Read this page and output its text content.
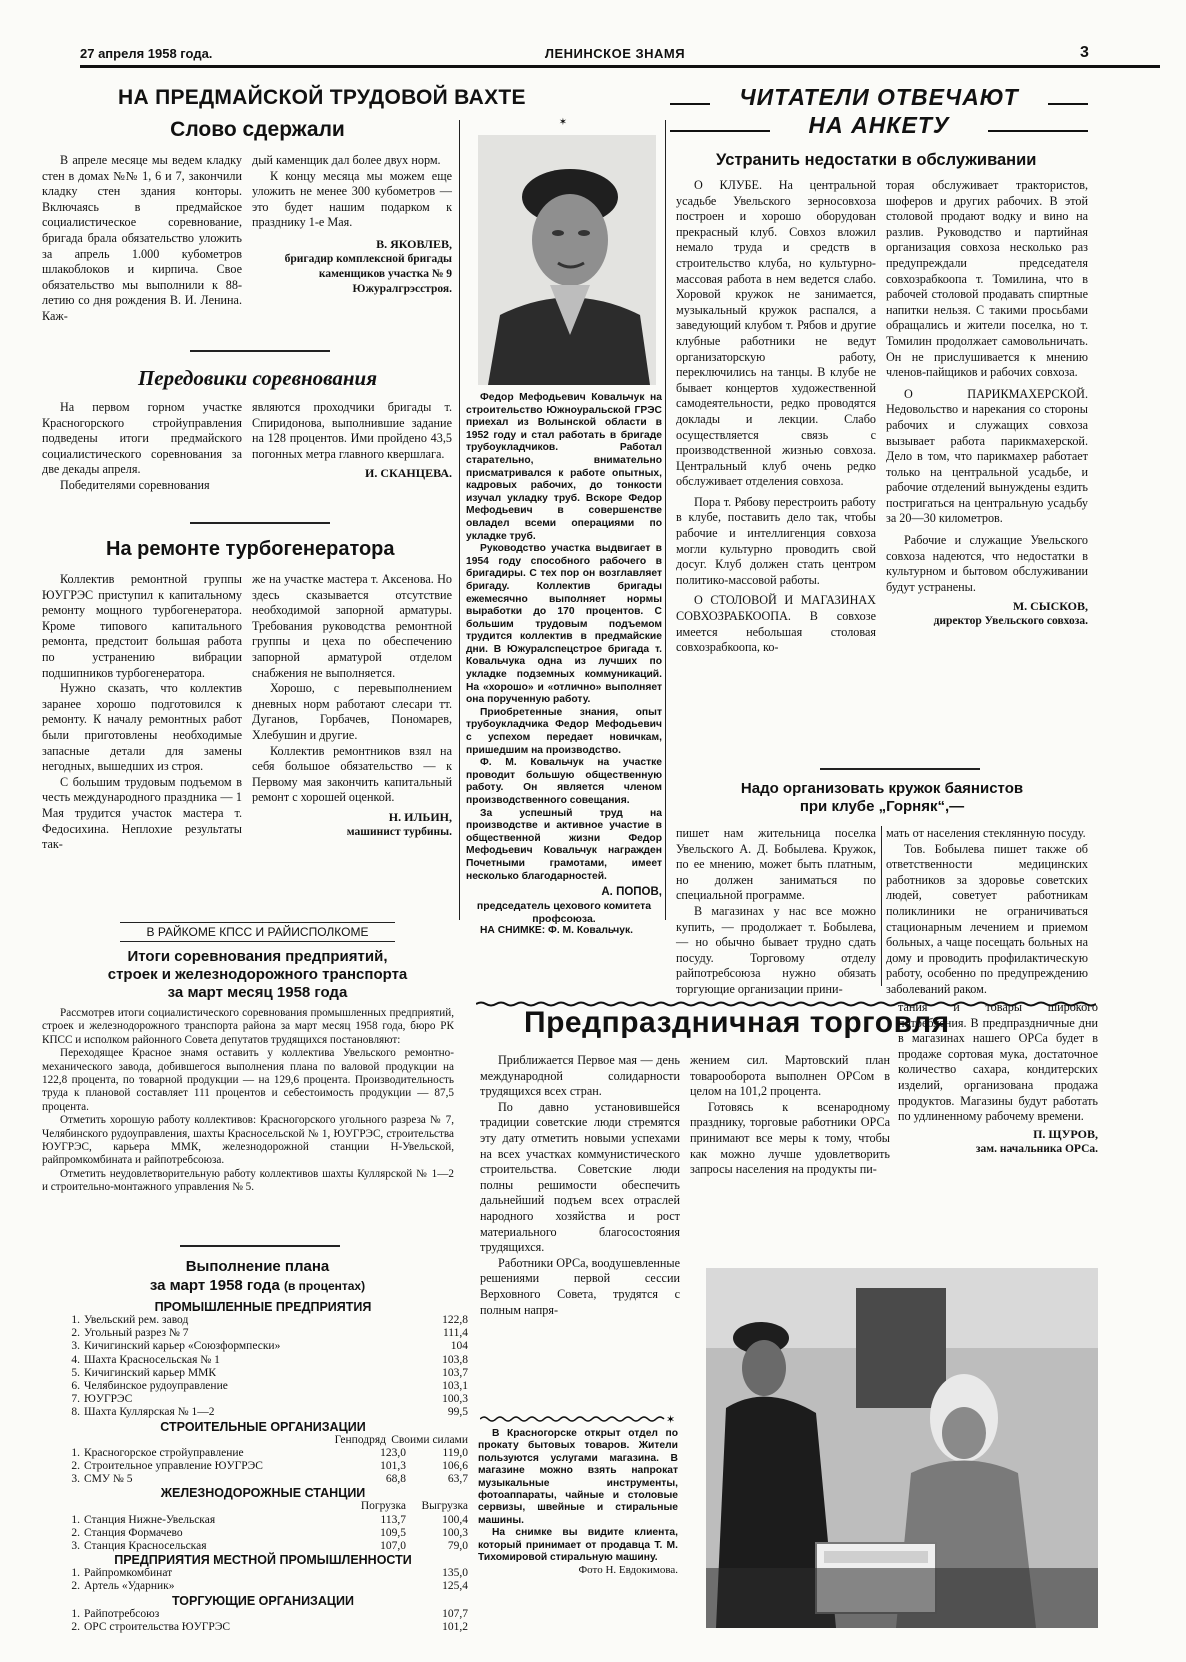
27 апреля 1958 года.	ЛЕНИНСКОЕ ЗНАМЯ	3
НА ПРЕДМАЙСКОЙ ТРУДОВОЙ ВАХТЕ
Слово сдержали

В апреле месяце мы ведем кладку стен в домах №№ 1, 6 и 7, закончили кладку стен здания конторы. Включаясь в предмайское социалистическое соревнование, бригада брала обязательство уложить за апрель 1.000 кубометров шлакоблоков и кирпича. Свое обязательство мы выполнили к 88-летию со дня рождения В. И. Ленина. Каж-

дый каменщик дал более двух норм.

К концу месяца мы можем еще уложить не менее 300 кубометров — это будет нашим подарком к празднику 1-е Мая.

В. ЯКОВЛЕВ,
бригадир комплексной бригады каменщиков участка № 9 Южуралгрэсстроя.
Передовики соревнования

На первом горном участке Красногорского стройуправления подведены итоги предмайского социалистического соревнования за две декады апреля.

Победителями соревнования

являются проходчики бригады т. Спиридонова, выполнившие задание на 128 процентов. Ими пройдено 43,5 погонных метра главного квершлага.

И. СКАНЦЕВА.
На ремонте турбогенератора

Коллектив ремонтной группы ЮУГРЭС приступил к капитальному ремонту мощного турбогенератора. Кроме типового капитального ремонта, предстоит большая работа по устранению вибрации подшипников турбогенератора.

Нужно сказать, что коллектив заранее хорошо подготовился к ремонту. К началу ремонтных работ были приготовлены необходимые запасные детали для замены негодных, вышедших из строя.

С большим трудовым подъемом в честь международного праздника — 1 Мая трудится участок мастера т. Федосихина. Неплохие результаты так-

же на участке мастера т. Аксенова. Но здесь сказывается отсутствие необходимой запорной арматуры. Требования руководства ремонтной группы и цеха по обеспечению запорной арматурой отделом снабжения не выполняется.

Хорошо, с перевыполнением дневных норм работают слесари тт. Дуганов, Горбачев, Пономарев, Хлебушин и другие.

Коллектив ремонтников взял на себя большое обязательство — к Первому мая закончить капитальный ремонт с хорошей оценкой.

Н. ИЛЬИН,
машинист турбины.
В РАЙКОМЕ КПСС И РАЙИСПОЛКОМЕ
Итоги соревнования предприятий,
строек и железнодорожного транспорта
за март месяц 1958 года

Рассмотрев итоги социалистического соревнования промышленных предприятий, строек и железнодорожного транспорта района за март месяц 1958 года, бюро РК КПСС и исполком районного Совета депутатов трудящихся постановляют:

Переходящее Красное знамя оставить у коллектива Увельского ремонтно-механического завода, добившегося выполнения плана по валовой продукции на 122,8 процента, по товарной продукции — на 129,6 процента. Производительность труда к плановой составляет 111 процентов и себестоимость продукции — 87,5 процента.

Отметить хорошую работу коллективов: Красногорского угольного разреза № 7, Челябинского рудоуправления, шахты Красносельской № 1, ЮУГРЭС, строительства ЮУГРЭС, карьера ММК, железнодорожной станции Н-Увельской, райпромкомбината и райпотребсоюза.

Отметить неудовлетворительную работу коллективов шахты Куллярской № 1—2 и строительно-монтажного управления № 5.

Выполнение плана
за март 1958 года (в процентах)
ПРОМЫШЛЕННЫЕ ПРЕДПРИЯТИЯ
1. Увельский рем. завод	122,8
2. Угольный разрез № 7	111,4
3. Кичигинский карьер «Союзформпески»	104
4. Шахта Красносельская № 1	103,8
5. Кичигинский карьер ММК	103,7
6. Челябинское рудоуправление	103,1
7. ЮУГРЭС	100,3
8. Шахта Куллярская № 1—2	99,5
СТРОИТЕЛЬНЫЕ ОРГАНИЗАЦИИ
Генподряд Своими силами
1. Красногорское стройуправление	123,0	119,0
2. Строительное управление ЮУГРЭС	101,3	106,6
3. СМУ № 5	68,8	63,7
ЖЕЛЕЗНОДОРОЖНЫЕ СТАНЦИИ
Погрузка	Выгрузка
1. Станция Нижне-Увельская	113,7	100,4
2. Станция Формачево	109,5	100,3
3. Станция Красносельская	107,0	79,0
ПРЕДПРИЯТИЯ МЕСТНОЙ ПРОМЫШЛЕННОСТИ
1. Райпромкомбинат	135,0
2. Артель «Ударник»	125,4
ТОРГУЮЩИЕ ОРГАНИЗАЦИИ
1. Райпотребсоюз	107,7
2. ОРС строительства ЮУГРЭС	101,2
✶

Федор Мефодьевич Ковальчук на строительство Южноуральской ГРЭС приехал из Волынской области в 1952 году и стал работать в бригаде трубоукладчиков. Работал старательно, внимательно присматривался к работе опытных, кадровых рабочих, до тонкости изучал укладку труб. Вскоре Федор Мефодьевич в совершенстве овладел всеми операциями по укладке труб.

Руководство участка выдвигает в 1954 году способного рабочего в бригадиры. С тех пор он возглавляет бригаду. Коллектив бригады ежемесячно выполняет нормы выработки до 170 процентов. С большим трудовым подъемом трудится коллектив в предмайские дни. В Южуралспецстрое бригада т. Ковальчука одна из лучших по укладке подземных коммуникаций. На «хорошо» и «отлично» выполняет она порученную работу.

Приобретенные знания, опыт трубоукладчика Федор Мефодьевич с успехом передает новичкам, пришедшим на производство.

Ф. М. Ковальчук на участке проводит большую общественную работу. Он является членом производственного совещания.

За успешный труд на производстве и активное участие в общественной жизни Федор Мефодьевич Ковальчук награжден Почетными грамотами, имеет несколько благодарностей.

А. ПОПОВ,
председатель цехового комитета профсоюза.
НА СНИМКЕ: Ф. М. Ковальчук.
ЧИТАТЕЛИ ОТВЕЧАЮТ
НА АНКЕТУ
Устранить недостатки в обслуживании

О КЛУБЕ. На центральной усадьбе Увельского зерносовхоза построен и хорошо оборудован прекрасный клуб. Совхоз вложил немало труда и средств в строительство клуба, но культурно-массовая работа в нем ведется слабо. Хоровой кружок не занимается, музыкальный кружок распался, а заведующий клубом т. Рябов и другие клубные работники не ведут организаторскую работу, переключились на танцы. В клубе не бывает концертов художественной самодеятельности, редко проводятся доклады и лекции. Слабо осуществляется связь с производственной жизнью совхоза. Центральный клуб очень редко обслуживает отделения совхоза.

Пора т. Рябову перестроить работу в клубе, поставить дело так, чтобы рабочие и интеллигенция совхоза могли культурно проводить свой досуг. Клуб должен стать центром политико-массовой работы.

О СТОЛОВОЙ И МАГАЗИНАХ СОВХОЗРАБКООПА. В совхозе имеется небольшая столовая совхозрабкоопа, ко-

торая обслуживает трактористов, шоферов и других рабочих. В этой столовой продают водку и вино на разлив. Руководство и партийная организация совхоза несколько раз предупреждали председателя совхозрабкоопа т. Томилина, что в рабочей столовой продавать спиртные напитки нельзя. С такими просьбами обращались и жители поселка, но т. Томилин продолжает самовольничать. Он не прислушивается к мнению членов-пайщиков и рабочих совхоза.

О ПАРИКМАХЕРСКОЙ. Недовольство и нарекания со стороны рабочих и служащих совхоза вызывает работа парикмахерской. Дело в том, что парикмахер работает только на центральной усадьбе, и рабочие отделений вынуждены ездить постригаться на центральную усадьбу за 20—30 километров.

Рабочие и служащие Увельского совхоза надеются, что недостатки в культурном и бытовом обслуживании будут устранены.

М. СЫСКОВ,
директор Увельского совхоза.
Надо организовать кружок баянистов
при клубе „Горняк“,—

пишет нам жительница поселка Увельского А. Д. Бобылева. Кружок, по ее мнению, может быть платным, но должен заниматься по специальной программе.

В магазинах у нас все можно купить, — продолжает т. Бобылева, — но обычно бывает трудно сдать посуду. Торговому отделу райпотребсоюза нужно обязать торгующие организации прини-

мать от населения стеклянную посуду.

Тов. Бобылева пишет также об ответственности медицинских работников за здоровье советских людей, советует работникам поликлиники не ограничиваться стационарным лечением и приемом больных, а чаще посещать больных на дому и проводить профилактическую работу, особенно по предупреждению заболеваний раком.

Предпраздничная торговля

Приближается Первое мая — день международной солидарности трудящихся всех стран.

По давно установившейся традиции советские люди стремятся эту дату отметить новыми успехами на всех участках коммунистического строительства. Советские люди полны решимости обеспечить дальнейший подъем всех отраслей народного хозяйства и рост материального благосостояния трудящихся.

Работники ОРСа, воодушевленные решениями первой сессии Верховного Совета, трудятся с полным напря-

жением сил. Мартовский план товарооборота выполнен ОРСом в целом на 101,2 процента.

Готовясь к всенародному празднику, торговые работники ОРСа принимают все меры к тому, чтобы как можно лучше удовлетворить запросы населения на продукты пи-

тания и товары широкого потребления. В предпраздничные дни в магазинах нашего ОРСа будет в продаже сортовая мука, достаточное количество сахара, кондитерских изделий, организована продажа продуктов. Магазины будут работать по удлиненному рабочему времени.

П. ЩУРОВ,
зам. начальника ОРСа.
✶

В Красногорске открыт отдел по прокату бытовых товаров. Жители пользуются услугами магазина. В магазине можно взять напрокат музыкальные инструменты, фотоаппараты, чайные и столовые сервизы, швейные и стиральные машины.

На снимке вы видите клиента, который принимает от продавца Т. М. Тихомировой стиральную машину.

Фото Н. Евдокимова.
